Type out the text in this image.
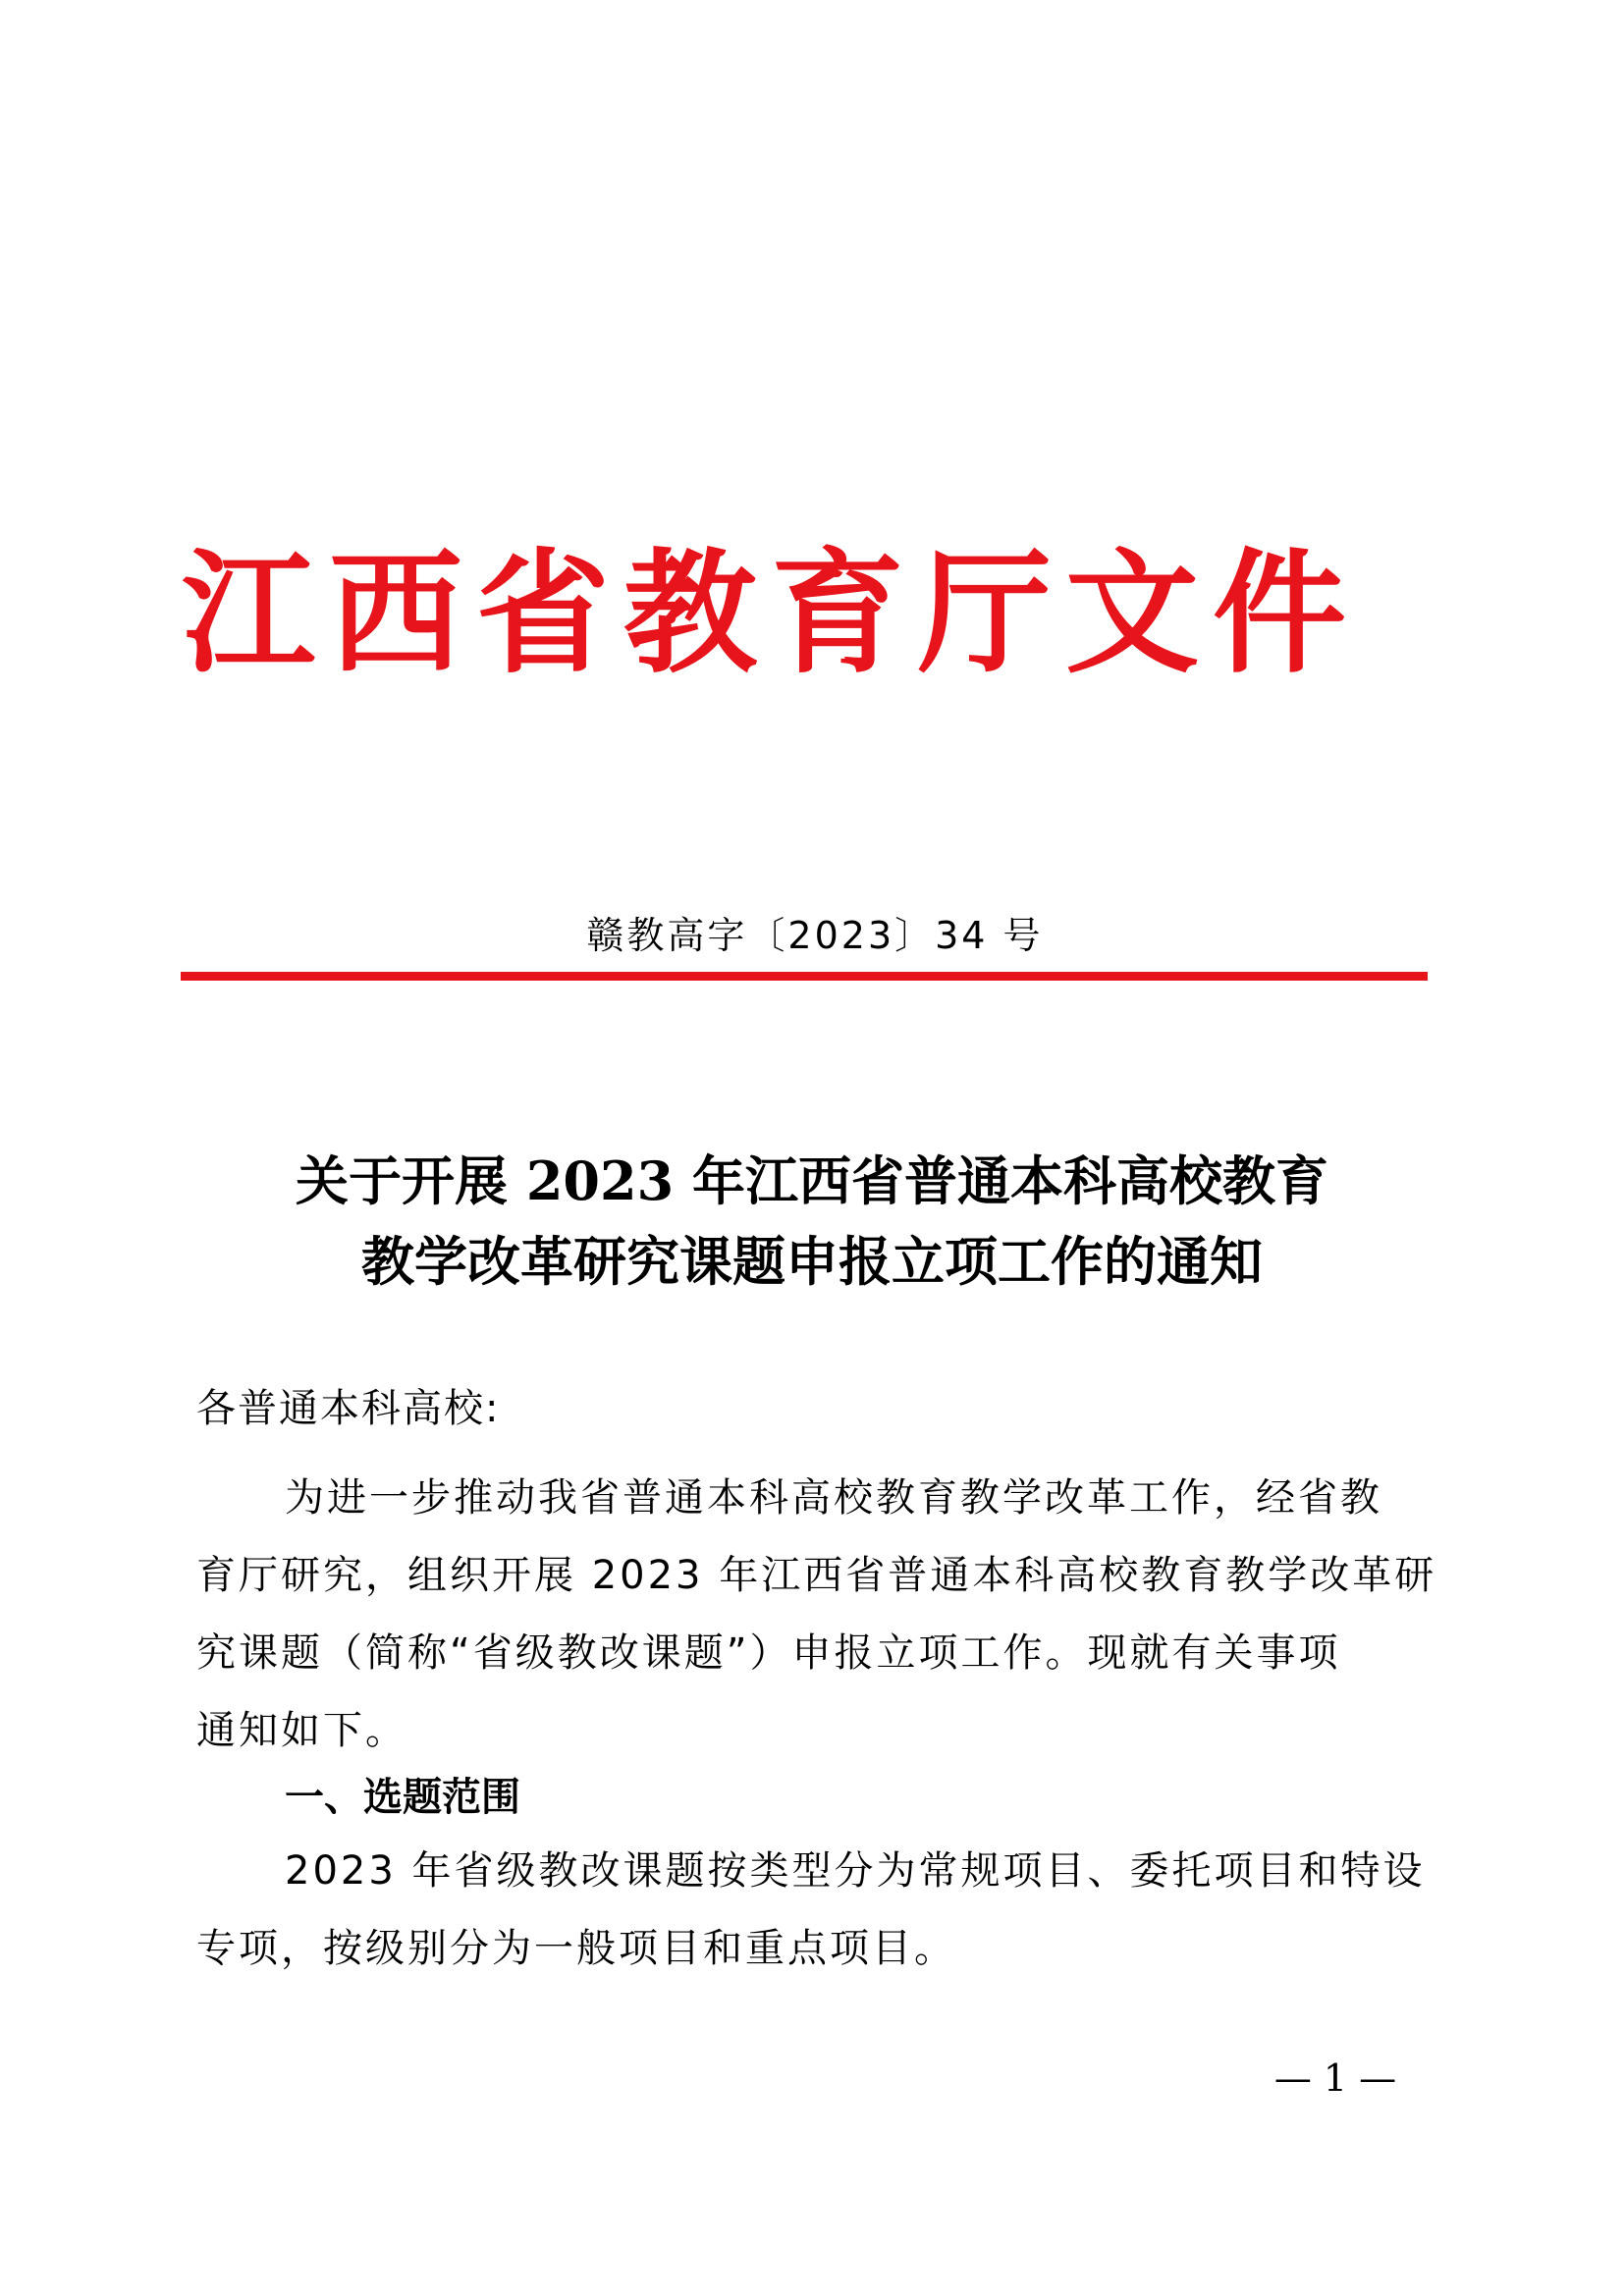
江西省教育厅文件
赣教高字〔2023〕34 号
关于开展 2023 年江西省普通本科高校教育
教学改革研究课题申报立项工作的通知
各普通本科高校:
为进一步推动我省普通本科高校教育教学改革工作，经省教
育厅研究，组织开展 2023 年江西省普通本科高校教育教学改革研
究课题（简称“省级教改课题”）申报立项工作。现就有关事项
通知如下。
一、选题范围
2023 年省级教改课题按类型分为常规项目、委托项目和特设
专项，按级别分为一般项目和重点项目。
— 1 —
